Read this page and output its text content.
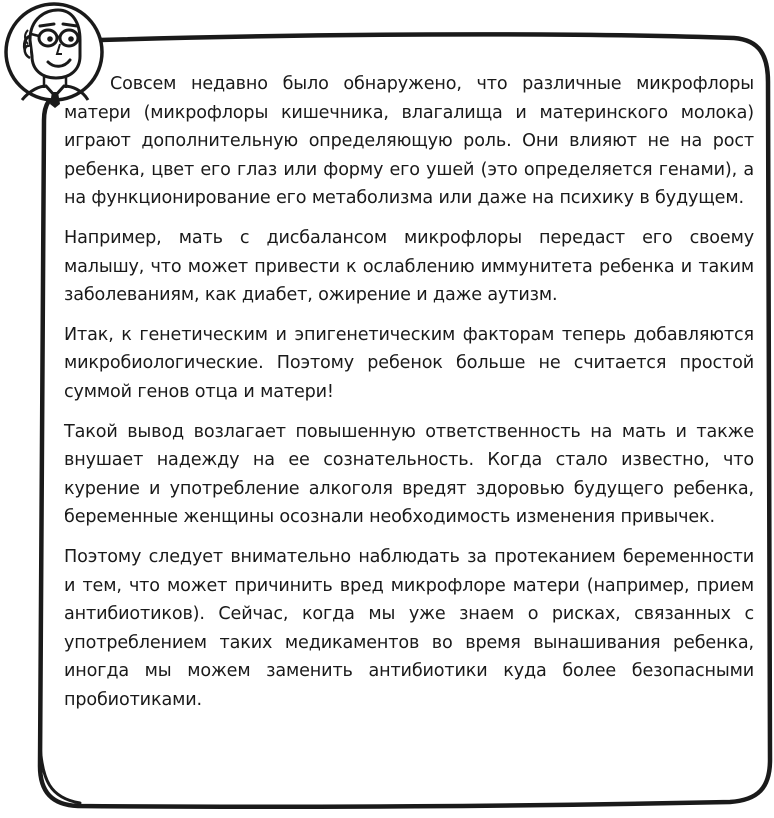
Совсем недавно было обнаружено, что различные микрофлоры матери (микрофлоры кишечника, влагалища и материнского молока) играют дополнительную определяющую роль. Они влияют не на рост ребенка, цвет его глаз или форму его ушей (это определяется генами), а на функционирование его метаболизма или даже на психику в будущем.

Например, мать с дисбалансом микрофлоры передаст его своему малышу, что может привести к ослаблению иммунитета ребенка и таким заболеваниям, как диабет, ожирение и даже аутизм.

Итак, к генетическим и эпигенетическим факторам теперь добавляются микробиологические. Поэтому ребенок больше не считается простой суммой генов отца и матери!

Такой вывод возлагает повышенную ответственность на мать и также внушает надежду на ее сознательность. Когда стало известно, что курение и употребление алкоголя вредят здоровью будущего ребенка, беременные женщины осознали необходимость изменения привычек.

Поэтому следует внимательно наблюдать за протеканием беременности и тем, что может причинить вред микрофлоре матери (например, прием антибиотиков). Сейчас, когда мы уже знаем о рисках, связанных с употреблением таких медикаментов во время вынашивания ребенка, иногда мы можем заменить антибиотики куда более безопасными пробиотиками.
